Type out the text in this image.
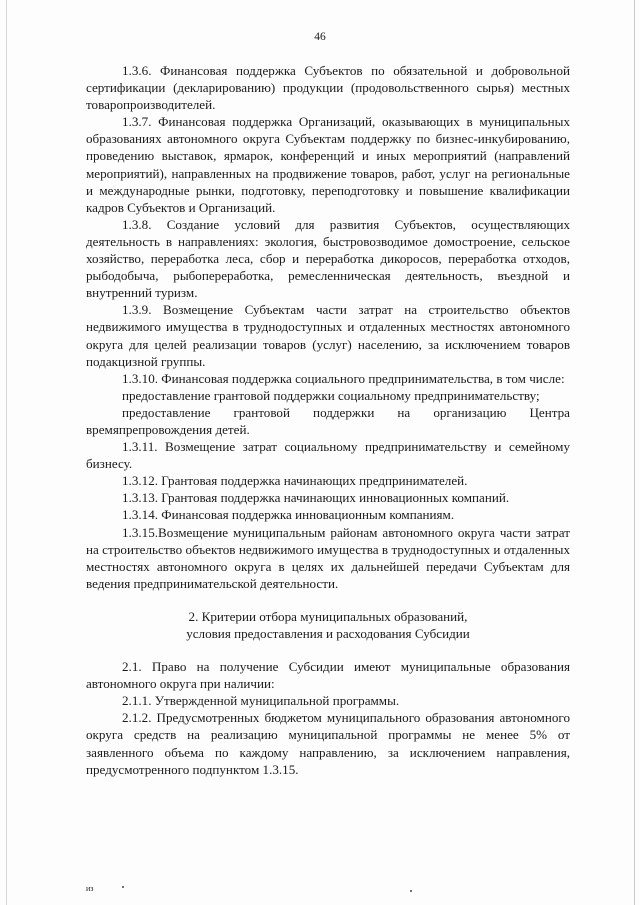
46

1.3.6. Финансовая поддержка Субъектов по обязательной и добровольной сертификации (декларированию) продукции (продовольственного сырья) местных товаропроизводителей.

1.3.7. Финансовая поддержка Организаций, оказывающих в муниципальных образованиях автономного округа Субъектам поддержку по бизнес-инкубированию, проведению выставок, ярмарок, конференций и иных мероприятий (направлений мероприятий), направленных на продвижение товаров, работ, услуг на региональные и международные рынки, подготовку, переподготовку и повышение квалификации кадров Субъектов и Организаций.

1.3.8. Создание условий для развития Субъектов, осуществляющих деятельность в направлениях: экология, быстровозводимое домостроение, сельское хозяйство, переработка леса, сбор и переработка дикоросов, переработка отходов, рыбодобыча, рыбопереработка, ремесленническая деятельность, въездной и внутренний туризм.

1.3.9. Возмещение Субъектам части затрат на строительство объектов недвижимого имущества в труднодоступных и отдаленных местностях автономного округа для целей реализации товаров (услуг) населению, за исключением товаров подакцизной группы.

1.3.10. Финансовая поддержка социального предпринимательства, в том числе:

предоставление грантовой поддержки социальному предпринимательству;

предоставление грантовой поддержки на организацию Центра времяпрепровождения детей.

1.3.11. Возмещение затрат социальному предпринимательству и семейному бизнесу.

1.3.12. Грантовая поддержка начинающих предпринимателей.

1.3.13. Грантовая поддержка начинающих инновационных компаний.

1.3.14. Финансовая поддержка инновационным компаниям.

1.3.15.Возмещение муниципальным районам автономного округа части затрат на строительство объектов недвижимого имущества в труднодоступных и отдаленных местностях автономного округа в целях их дальнейшей передачи Субъектам для ведения предпринимательской деятельности.

2. Критерии отбора муниципальных образований,

условия предоставления и расходования Субсидии

2.1. Право на получение Субсидии имеют муниципальные образования автономного округа при наличии:

2.1.1. Утвержденной муниципальной программы.

2.1.2. Предусмотренных бюджетом муниципального образования автономного округа средств на реализацию муниципальной программы не менее 5% от заявленного объема по каждому направлению, за исключением направления, предусмотренного подпунктом 1.3.15.

из
